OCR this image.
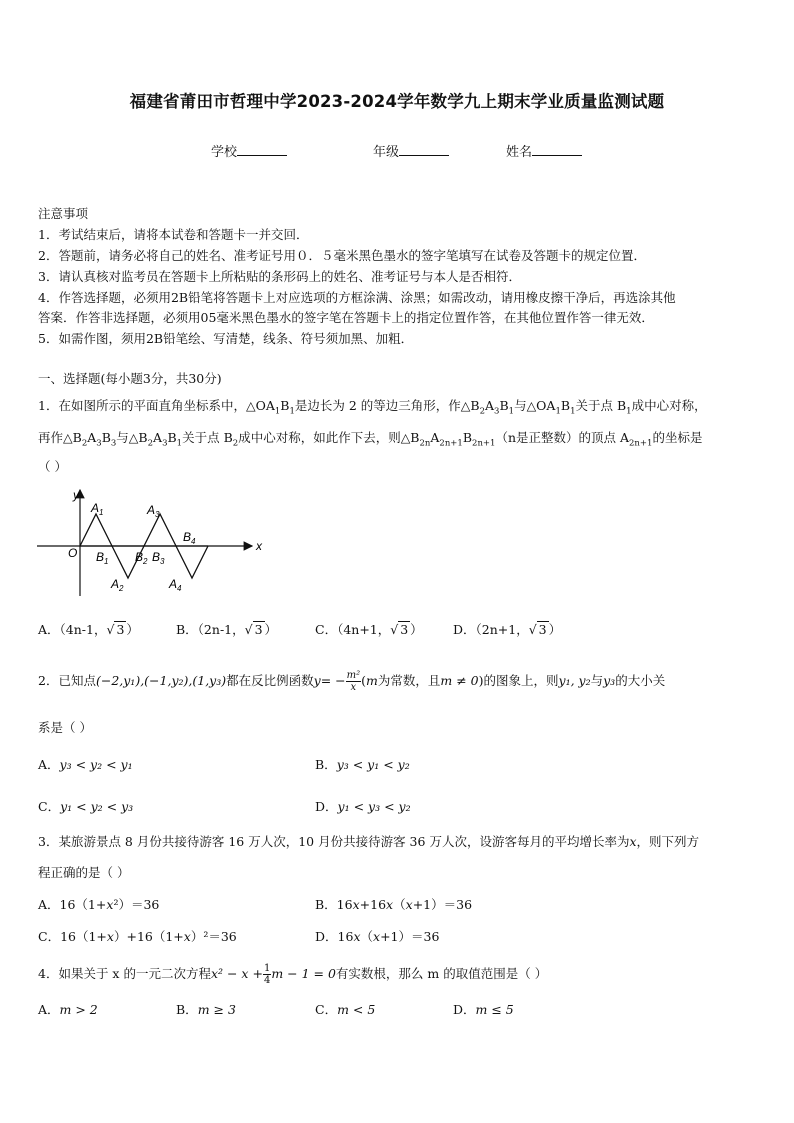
福建省莆田市哲理中学2023-2024学年数学九上期末学业质量监测试题
学校	年级	姓名
注意事项
1．考试结束后，请将本试卷和答题卡一并交回．
2．答题前，请务必将自己的姓名、准考证号用０．５毫米黑色墨水的签字笔填写在试卷及答题卡的规定位置．
3．请认真核对监考员在答题卡上所粘贴的条形码上的姓名、准考证号与本人是否相符．
4．作答选择题，必须用2B铅笔将答题卡上对应选项的方框涂满、涂黑；如需改动，请用橡皮擦干净后，再选涂其他
答案．作答非选择题，必须用05毫米黑色墨水的签字笔在答题卡上的指定位置作答，在其他位置作答一律无效．
5．如需作图，须用2B铅笔绘、写清楚，线条、符号须加黑、加粗．
一、选择题(每小题3分，共30分)
1．在如图所示的平面直角坐标系中，$\triangle OA_1B_1$是边长为 2 的等边三角形，作$\triangle B_2A_3B_1$与$\triangle OA_1B_1$关于点 $B_1$成中心对称，
再作$\triangle B_2A_3B_3$与$\triangle B_2A_3B_1$关于点 $B_2$成中心对称，如此作下去，则$\triangle B_{2n}A_{2n+1}B_{2n+1}(n$是正整数）的顶点 $A_{2n+1}$的坐标是
（ ）
y
x
O
$A_1$	$A_3$
$A_2$	$A_4$
$B_1$ $B_2$ $B_3$
$B_4$
A．（4n-1，√ 3 ）	B．（2n-1，√ 3 ）	C．（4n+1，√ 3 ） D．（2n+1，√ 3 ）
2．已知点(−2,y₁),(−1,y₂),(1,y₃)都在反比例函数$y= - \frac{\text{m²}}{x} (m$为常数，且m ≠ 0)的图象上，则y₁, y₂与y₃的大小关
系是（ ）
A．y₃ < y₂ < y₁	B．y₃ < y₁ < y₂
C．y₁ < y₂ < y₃	D．y₁ < y₃ < y₂
3．某旅游景点 8 月份共接待游客 16 万人次，10 月份共接待游客 36 万人次，设游客每月的平均增长率为x，则下列方
程正确的是（ ）
A．16（1+x²）＝36	B．16x+16x（x+1）＝36
C．16（1+x）+16（1+x）²＝36	D．16x（x+1）＝36
4．如果关于 x 的一元二次方程$x^2 - x + \frac{1}{4}$ m − 1 = 0有实数根，那么 m 的取值范围是（ ）
A．m > 2	B．m ≥ 3	C．m < 5	D．m ≤ 5
